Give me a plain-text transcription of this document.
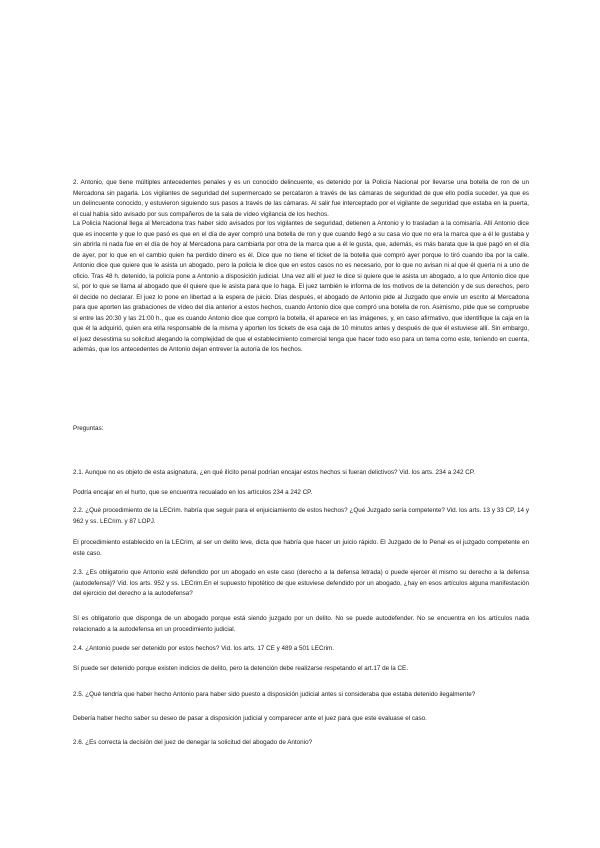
2. Antonio, que tiene múltiples antecedentes penales y es un conocido delincuente, es detenido por la Policía Nacional por llevarse una botella de ron de un Mercadona sin pagarla. Los vigilantes de seguridad del supermercado se percataron a través de las cámaras de seguridad de que ello podía suceder, ya que es un delincuente conocido, y estuvieron siguiendo sus pasos a través de las cámaras. Al salir fue interceptado por el vigilante de seguridad que estaba en la puerta, el cual había sido avisado por sus compañeros de la sala de vídeo vigilancia de los hechos.

La Policía Nacional llega al Mercadona tras haber sido avisados por los vigilantes de seguridad, detienen a Antonio y lo trasladan a la comisaría. Allí Antonio dice que es inocente y que lo que pasó es que en el día de ayer compró una botella de ron y que cuando llegó a su casa vio que no era la marca que a él le gustaba y sin abrirla ni nada fue en el día de hoy al Mercadona para cambiarla por otra de la marca que a él le gusta, que, además, es más barata que la que pagó en el día de ayer, por lo que en el cambio quien ha perdido dinero es él. Dice que no tiene el ticket de la botella que compró ayer porque lo tiró cuando iba por la calle. Antonio dice que quiere que le asista un abogado, pero la policía le dice que en estos casos no es necesario, por lo que no avisan ni al que él quería ni a uno de oficio. Tras 48 h. detenido, la policía pone a Antonio a disposición judicial. Una vez allí el juez le dice si quiere que le asista un abogado, a lo que Antonio dice que sí, por lo que se llama al abogado que él quiere que le asista para que lo haga. El juez también le informa de los motivos de la detención y de sus derechos, pero él decide no declarar. El juez lo pone en libertad a la espera de juicio. Días después, el abogado de Antonio pide al Juzgado que envíe un escrito al Mercadona para que aporten las grabaciones de vídeo del día anterior a estos hechos, cuando Antonio dice que compró una botella de ron. Asimismo, pide que se compruebe si entre las 20:30 y las 21:00 h., que es cuando Antonio dice que compró la botella, él aparece en las imágenes, y, en caso afirmativo, que identifique la caja en la que él la adquirió, quien era el/la responsable de la misma y aporten los tickets de esa caja de 10 minutos antes y después de que él estuviese allí. Sin embargo, el juez desestima su solicitud alegando la complejidad de que el establecimiento comercial tenga que hacer todo eso para un tema como este, teniendo en cuenta, además, que los antecedentes de Antonio dejan entrever la autoría de los hechos.

Preguntas:

2.1. Aunque no es objeto de esta asignatura, ¿en qué ilícito penal podrían encajar estos hechos si fueran delictivos? Vid. los arts. 234 a 242 CP.

Podría encajar en el hurto, que se encuentra recualado en los artículos 234 a 242 CP.

2.2. ¿Qué procedimiento de la LECrim. habría que seguir para el enjuiciamiento de estos hechos? ¿Qué Juzgado sería competente? Vid. los arts. 13 y 33 CP, 14 y 962 y ss. LECrim. y 87 LOPJ.

El procedimiento establecido en la LECrim, al ser un delito leve, dicta que habría que hacer un juicio rápido. El Juzgado de lo Penal es el juzgado competente en este caso.

2.3. ¿Es obligatorio que Antonio esté defendido por un abogado en este caso (derecho a la defensa letrada) o puede ejercer él mismo su derecho a la defensa (autodefensa)? Vid. los arts. 952 y ss. LECrim.En el supuesto hipotético de que estuviese defendido por un abogado, ¿hay en esos artículos alguna manifestación del ejercicio del derecho a la autodefensa?

Sí es obligatorio que disponga de un abogado porque está siendo juzgado por un delito. No se puede autodefender. No se encuentra en los artículos nada relacionado a la autodefensa en un procedimiento judicial.

2.4. ¿Antonio puede ser detenido por estos hechos? Vid. los arts. 17 CE y 489 a 501 LECrim.

Sí puede ser detenido porque existen indicios de delito, pero la detención debe realizarse respetando el art.17 de la CE.

2.5. ¿Qué tendría que haber hecho Antonio para haber sido puesto a disposición judicial antes si consideraba que estaba detenido ilegalmente?

Debería haber hecho saber su deseo de pasar a disposición judicial y comparecer ante el juez para que este evaluase el caso.

2.6. ¿Es correcta la decisión del juez de denegar la solicitud del abogado de Antonio?
